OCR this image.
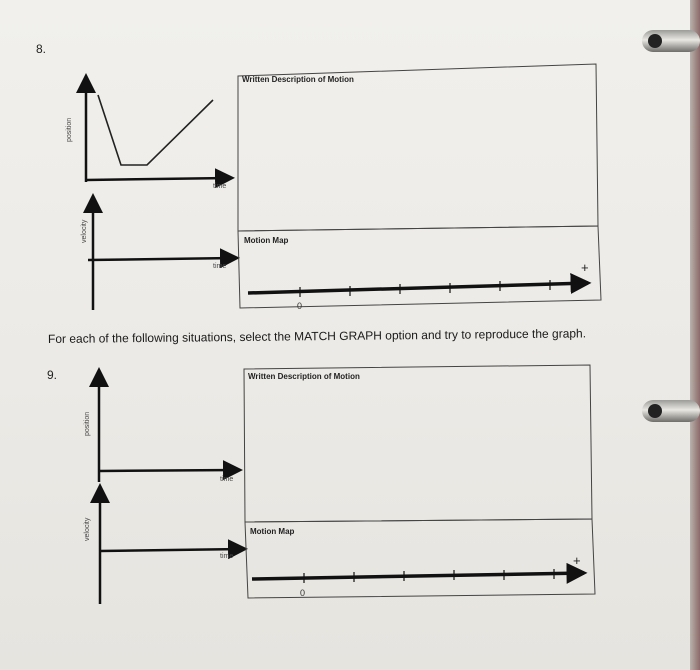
0
+
0
+
8.
position
time
velocity
time
Written Description of Motion
Motion Map
For each of the following situations, select the MATCH GRAPH option and try to reproduce the graph.
9.
position
time
velocity
time
Written Description of Motion
Motion Map
